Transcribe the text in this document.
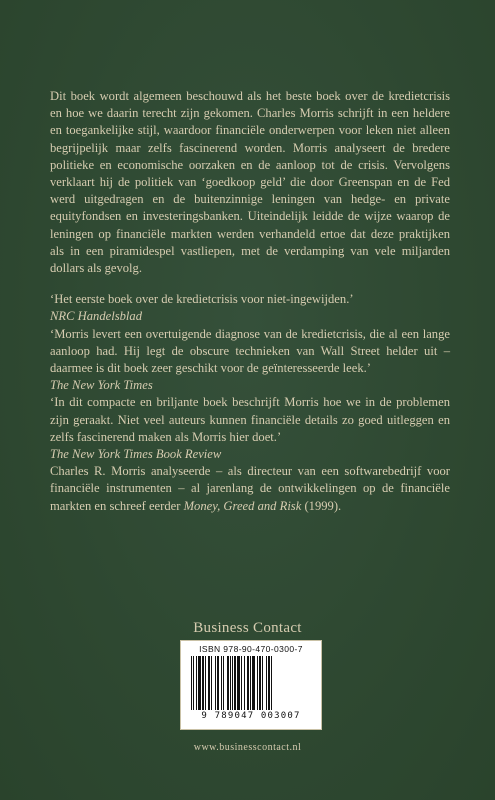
Dit boek wordt algemeen beschouwd als het beste boek over de kredietcrisis en hoe we daarin terecht zijn gekomen. Charles Morris schrijft in een heldere en toegankelijke stijl, waardoor financiële onderwerpen voor leken niet alleen begrijpelijk maar zelfs fascinerend worden. Morris analyseert de bredere politieke en economische oorzaken en de aanloop tot de crisis. Vervolgens verklaart hij de politiek van ‘goedkoop geld’ die door Greenspan en de Fed werd uitgedragen en de buitenzinnige leningen van hedge- en private equityfondsen en investeringsbanken. Uiteindelijk leidde de wijze waarop de leningen op financiële markten werden verhandeld ertoe dat deze praktijken als in een piramidespel vastliepen, met de verdamping van vele miljarden dollars als gevolg.

‘Het eerste boek over de kredietcrisis voor niet-ingewijden.’
NRC Handelsblad

‘Morris levert een overtuigende diagnose van de kredietcrisis, die al een lange aanloop had. Hij legt de obscure technieken van Wall Street helder uit – daarmee is dit boek zeer geschikt voor de geïnteresseerde leek.’
The New York Times

‘In dit compacte en briljante boek beschrijft Morris hoe we in de problemen zijn geraakt. Niet veel auteurs kunnen financiële details zo goed uitleggen en zelfs fascinerend maken als Morris hier doet.’
The New York Times Book Review

Charles R. Morris analyseerde – als directeur van een softwarebedrijf voor financiële instrumenten – al jarenlang de ontwikkelingen op de financiële markten en schreef eerder Money, Greed and Risk (1999).

Business Contact
ISBN 978-90-470-0300-7
9 789047 003007
www.businesscontact.nl
